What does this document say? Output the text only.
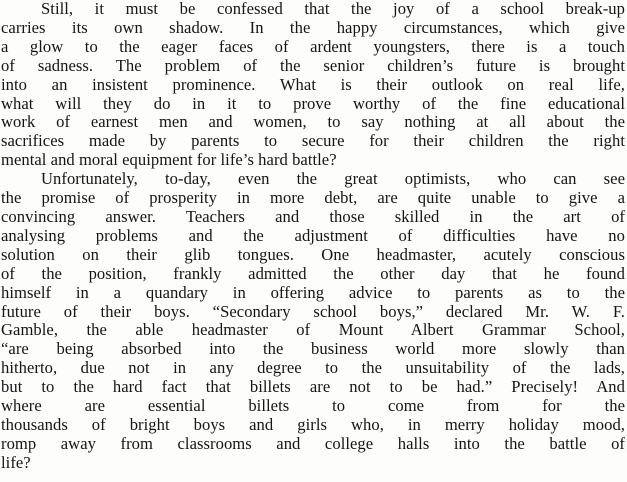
Still, it must be confessed that the joy of a school break-up
carries its own shadow. In the happy circumstances, which give
a glow to the eager faces of ardent youngsters, there is a touch
of sadness. The problem of the senior children’s future is brought
into an insistent prominence. What is their outlook on real life,
what will they do in it to prove worthy of the fine educational
work of earnest men and women, to say nothing at all about the
sacrifices made by parents to secure for their children the right
mental and moral equipment for life’s hard battle?
Unfortunately, to-day, even the great optimists, who can see
the promise of prosperity in more debt, are quite unable to give a
convincing answer. Teachers and those skilled in the art of
analysing problems and the adjustment of difficulties have no
solution on their glib tongues. One headmaster, acutely conscious
of the position, frankly admitted the other day that he found
himself in a quandary in offering advice to parents as to the
future of their boys. “Secondary school boys,” declared Mr. W. F.
Gamble, the able headmaster of Mount Albert Grammar School,
“are being absorbed into the business world more slowly than
hitherto, due not in any degree to the unsuitability of the lads,
but to the hard fact that billets are not to be had.” Precisely! And
where are essential billets to come from for the
thousands of bright boys and girls who, in merry holiday mood,
romp away from classrooms and college halls into the battle of
life?
